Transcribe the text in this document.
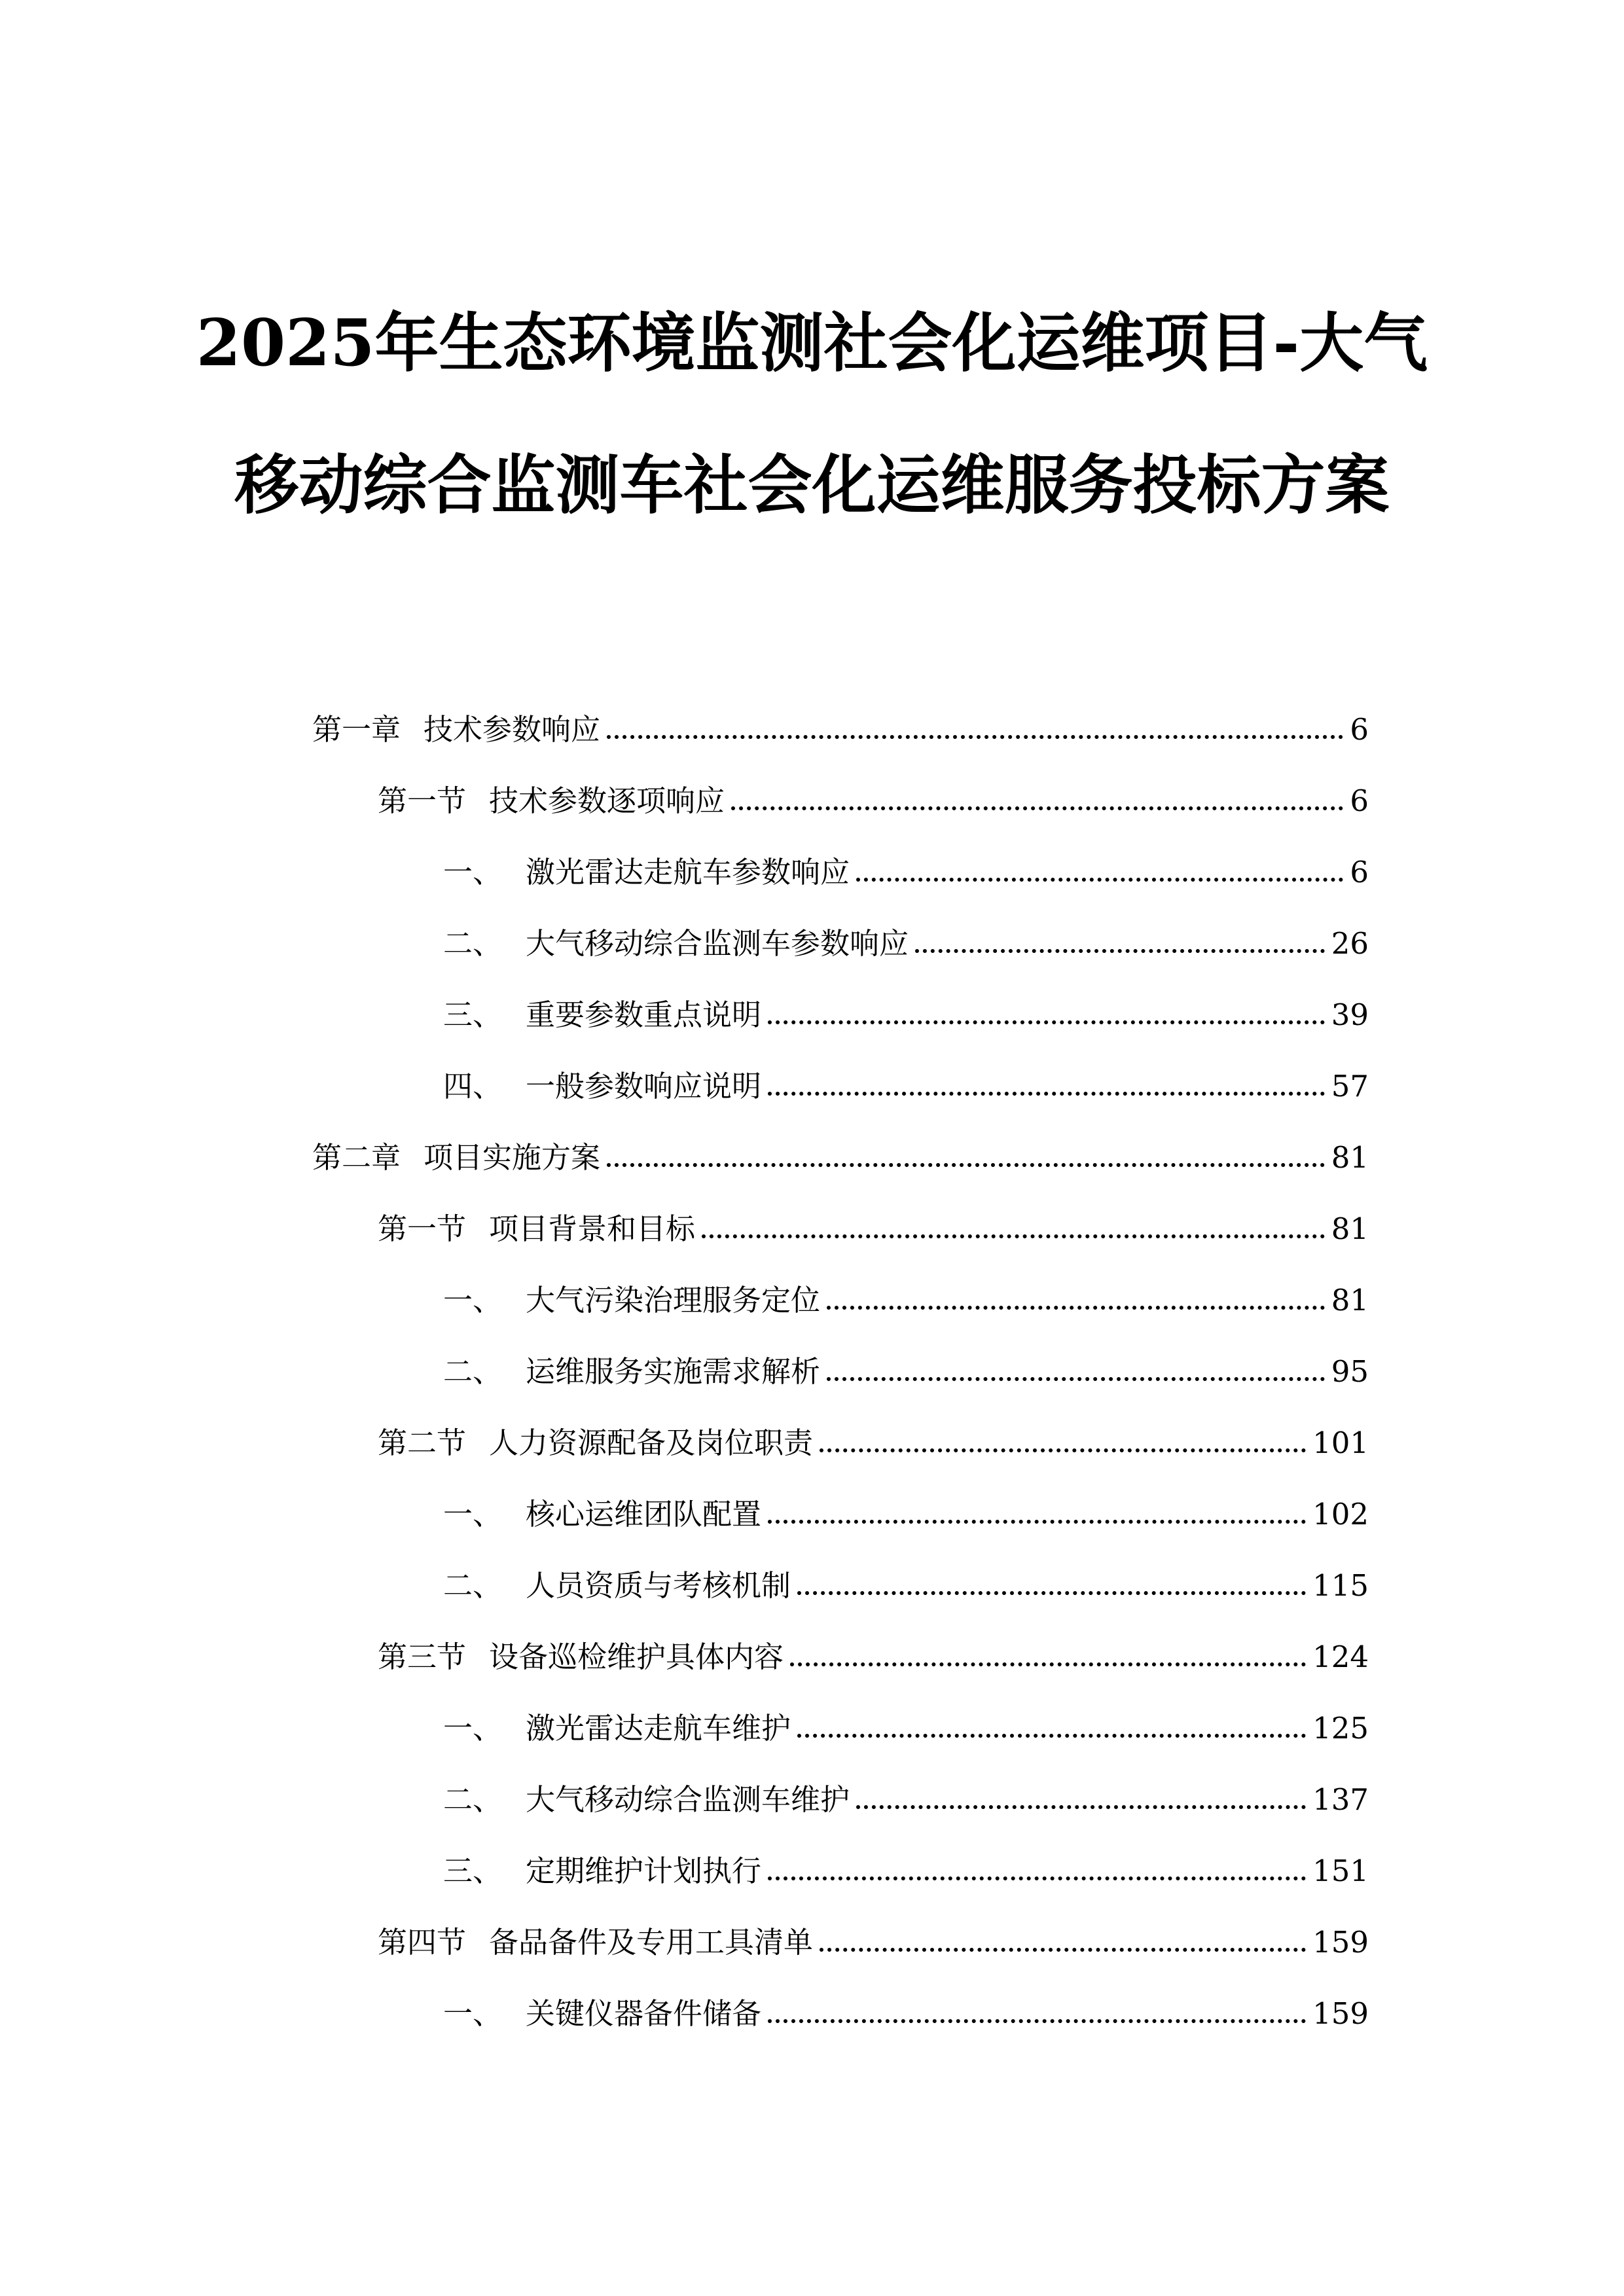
2025年生态环境监测社会化运维项目-大气
移动综合监测车社会化运维服务投标方案
第一章 技术参数响应	6
第一节 技术参数逐项响应	6
一、 激光雷达走航车参数响应	6
二、 大气移动综合监测车参数响应	26
三、 重要参数重点说明	39
四、 一般参数响应说明	57
第二章 项目实施方案	81
第一节 项目背景和目标	81
一、 大气污染治理服务定位	81
二、 运维服务实施需求解析	95
第二节 人力资源配备及岗位职责	101
一、 核心运维团队配置	102
二、 人员资质与考核机制	115
第三节 设备巡检维护具体内容	124
一、 激光雷达走航车维护	125
二、 大气移动综合监测车维护	137
三、 定期维护计划执行	151
第四节 备品备件及专用工具清单	159
一、 关键仪器备件储备	159
